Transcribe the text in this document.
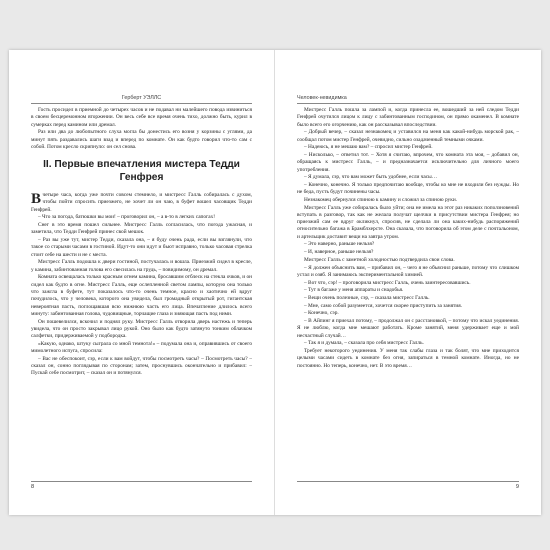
Герберт УЭЛЛС

Гость просидел в приемной до четырех часов и не подавал ни малейшего повода извиниться в своем бесцеремонном вторжении. Он весь себе все время очень тихо, должно быть, курил в сумерках перед камином или дремал.

Раз или два до любопытного слуха могла бы донестись его возня у корзины с углями, да минут пять раздавались шаги взад и вперед по комнате. Он как будто говорил что-то сам с собой. Потом кресло скрипнуло: он сел снова.

II. Первые впечатления мистера Тедди Генфрея

Вчетыре часа, когда уже почти совсем стемнело, и мистресс Галль собиралась с духом, чтобы пойти спросить приезжего, не хочет ли он чаю, в буфет вошел часовщик Тедди Генфрей.

– Что за погода, батюшки вы мои! – проговорил он, – а в-то в легких сапогах!

Снег в это время пошел сильнее. Мистресс Галль согласилась, что погода ужасная, и заметила, что Тедди Генфрей принес свой мешок.

– Раз вы уже тут, мистер Тедди, сказала она, – я буду очень рада, если вы взглянули, что такое со старыми часами в гостиной. Идут-то они идут и бьют исправно, только часовая стрелка стоит себе на шести и не с места.

Мистресс Галль подошла к двери гостиной, постучалась и вошла. Приезжий сидел в кресле, у камина, забинтованная голова его свесилась на грудь, – повидимому, он дремал.

Комната освещалась только красным огнем камина, бросавшим отблеск на стекла очков, и он сидел как будто в огне. Мистресс Галль, еще ослепленной светом лампы, которую она только что зажгла в буфете, тут показалось что-то очень темное, красно и хаотично ей вдруг почудилось, что у человека, которого она увидела, был громадный открытый рот, гигантская невероятная пасть, поглощавшая всю нижнюю часть его лица. Впечатление длилось всего минуту: забинтованная голова, чудовищные, торчащие глаза и зияющая пасть под ними.

Он пошевелился, вскочил и поднял руку. Мистресс Галль отворила дверь настежь и теперь увидела, что он просто закрывал лицо рукой. Оно было как будто затянуто тонким облачком салфетки, придерживаемой у подбородка.

«Какую, однако, штуку сыграла со мной темнота!» – подумала она и, оправившись от своего мимолетного испуга, спросила:

– Вас не обеспокоит, сэр, если к вам войдут, чтобы посмотреть часы? – Посмотреть часы? – сказал он, сонно поглядывая по сторонам; затем, проснувшись окончательно и прибавил: – Пускай себе посмотрит, – сказал он и потянулся.

8
Человек-невидимка

Мистресс Галль пошла за лампой и, когда принесла ее, вошедший за ней следом Тедди Генфрей очутился лицом к лицу с забинтованным господином, он прямо окаменел. В комнате было всего его огорчению, как он рассказывал впоследствии.

– Добрый вечер, – сказал незнакомец и уставился на меня как какой-нибудь морской рак, – сообщал потом мистер Генфрей, очевидно, сильно озадаченный темными очками.

– Надеюсь, я не мешаю вам? – спросил мистер Генфрей.

– Нисколько, – ответил тот. – Хотя я считаю, впрочем, что комната эта моя, – добавил он, обращаясь к мистресс Галль, – и предназначается исключительно для личного моего употребления.

– Я думала, сэр, что вам может быть удобнее, если часы…

– Конечно, конечно. Я только предпочитаю вообще, чтобы ко мне не входили без нужды. Но не беда, пусть будут починены часы.

Незнакомец обернулся спиною к камину и сложил за спиною руки.

Мистресс Галль уже собиралась было уйти; она не имела на этот раз никаких поползновений вступать в разговор, так как не желала получат щелчки в присутствии мистера Генфрея; но приезжий сам ее вдруг окликнул, спросив, не сделала ли она каких-нибудь распоряжений относительно багажа в Брамблхерсте. Она сказала, что поговорила об этом деле с почтальоном, и артельщик доставит вещи на завтра утром.

– Это наверно, раньше нельзя?

– И, наверное, раньше нельзя?

Мистресс Галль с заметной холодностью подтвердила свои слова.

– Я должен объяснить вам, – прибавил он, – чего я не объяснил раньше, потому что слишком устал и озяб. Я занимаюсь экспериментальной химией.

– Вот что, сэр! – проговорила мистресс Галль, очень заинтересовавшись.

– Тут в багаже у меня аппараты и снадобья.

– Вещи очень полезные, сэр, – сказала мистресс Галль.

– Мне, само собой разумеется, хочется скорее приступить за занятия.

– Конечно, сэр.

– В Айпинг я приехал потому, – продолжал он с расстановкой, – потому что искал уединения. Я не люблю, когда мне мешают работать. Кроме занятий, меня удерживает еще и мой несчастный случай…

– Так я и думала, – сказала про себя мистресс Галль.

Требует некоторого уединения. У меня так слабы глаза и так болят, что мне приходится целыми часами сидеть в комнате без огня, запираться в темной комнате. Иногда, но не постоянно. Но теперь, конечно, нет. В это время…

9
